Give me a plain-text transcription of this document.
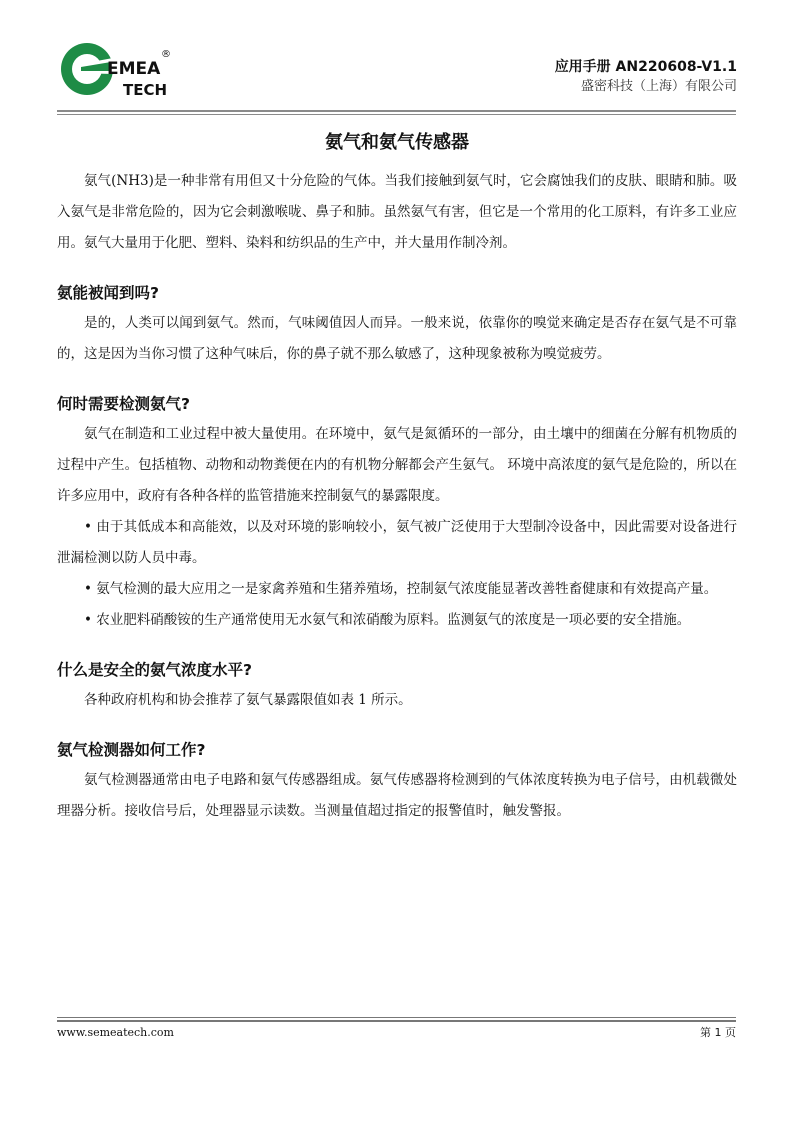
EMEA
TECH
®
应用手册 AN220608-V1.1
盛密科技（上海）有限公司
氨气和氨气传感器

氨气(NH3)是一种非常有用但又十分危险的气体。当我们接触到氨气时，它会腐蚀我们的皮肤、眼睛和肺。吸入氨气是非常危险的，因为它会刺激喉咙、鼻子和肺。虽然氨气有害，但它是一个常用的化工原料，有许多工业应用。氨气大量用于化肥、塑料、染料和纺织品的生产中，并大量用作制冷剂。

氨能被闻到吗?

是的，人类可以闻到氨气。然而，气味阈值因人而异。一般来说，依靠你的嗅觉来确定是否存在氨气是不可靠的，这是因为当你习惯了这种气味后，你的鼻子就不那么敏感了，这种现象被称为嗅觉疲劳。

何时需要检测氨气?

氨气在制造和工业过程中被大量使用。在环境中，氨气是氮循环的一部分，由土壤中的细菌在分解有机物质的过程中产生。包括植物、动物和动物粪便在内的有机物分解都会产生氨气。 环境中高浓度的氨气是危险的，所以在许多应用中，政府有各种各样的监管措施来控制氨气的暴露限度。

• 由于其低成本和高能效，以及对环境的影响较小，氨气被广泛使用于大型制冷设备中，因此需要对设备进行泄漏检测以防人员中毒。

• 氨气检测的最大应用之一是家禽养殖和生猪养殖场，控制氨气浓度能显著改善牲畜健康和有效提高产量。

• 农业肥料硝酸铵的生产通常使用无水氨气和浓硝酸为原料。监测氨气的浓度是一项必要的安全措施。

什么是安全的氨气浓度水平?

各种政府机构和协会推荐了氨气暴露限值如表 1 所示。

氨气检测器如何工作?

氨气检测器通常由电子电路和氨气传感器组成。氨气传感器将检测到的气体浓度转换为电子信号，由机载微处理器分析。接收信号后，处理器显示读数。当测量值超过指定的报警值时，触发警报。

www.semeatech.com	第 1 页
